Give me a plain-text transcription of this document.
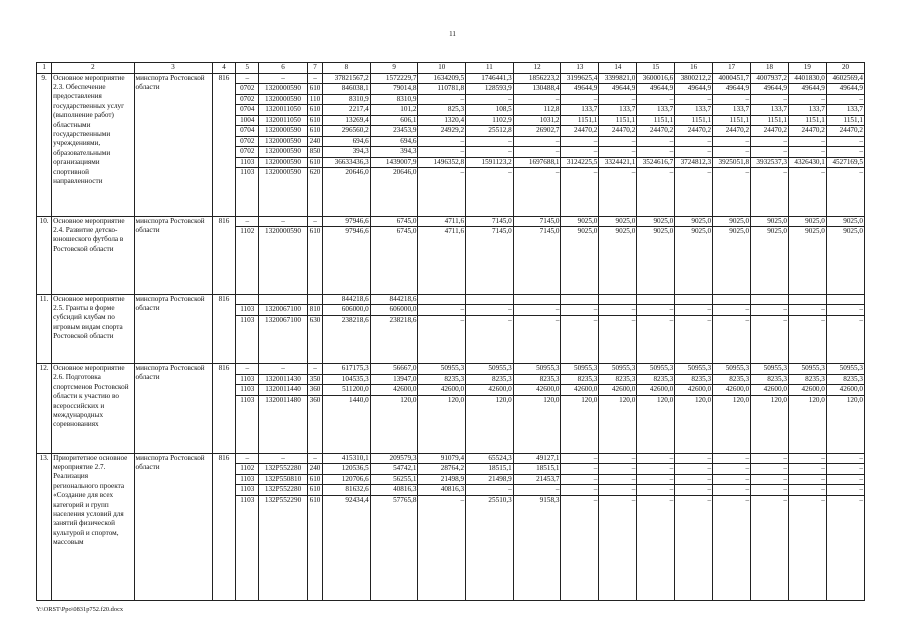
11
1	2	3	4	5	6	7	8	9	10	11	12	13	14	15	16	17	18	19	20
9.	Основное мероприятие 2.3. Обеспечение предоставления государственных услуг (выполнение работ) областными государственными учреждениями, образовательными организациями спортивной направленности	минспорта Ростовской области	816	–	–	–	37821567,2	1572229,7	1634209,5	1746441,3	1856223,2	3199625,4	3399821,0	3600016,6	3800212,2	4000451,7	4007937,2	4401830,0	4602569,4
				0702	1320000590	610	846038,1	79014,8	110781,8	128593,9	130488,4	49644,9	49644,9	49644,9	49644,9	49644,9	49644,9	49644,9	49644,9
				0702	1320000590	110	8310,9	8310,9	–	–	–	–	–	–	–	–	–	–	–
				0704	1320011050	610	2217,4	101,2	825,3	108,5	112,8	133,7	133,7	133,7	133,7	133,7	133,7	133,7	133,7
				1004	1320011050	610	13269,4	606,1	1320,4	1102,9	1031,2	1151,1	1151,1	1151,1	1151,1	1151,1	1151,1	1151,1	1151,1
				0704	1320000590	610	296560,2	23453,9	24929,2	25512,8	26902,7	24470,2	24470,2	24470,2	24470,2	24470,2	24470,2	24470,2	24470,2
				0702	1320000590	240	694,6	694,6	–	–	–	–	–	–	–	–	–	–	–
				0702	1320000590	850	394,3	394,3	–	–	–	–	–	–	–	–	–	–	–
				1103	1320000590	610	36633436,3	1439007,9	1496352,8	1591123,2	1697688,1	3124225,5	3324421,1	3524616,7	3724812,3	3925051,8	3932537,3	4326430,1	4527169,5
				1103	1320000590	620	20646,0	20646,0	–	–	–	–	–	–	–	–	–	–	–
10.	Основное мероприятие 2.4. Развитие детско-юношеского футбола в Ростовской области	минспорта Ростовской области	816	–	–	–	97946,6	6745,0	4711,6	7145,0	7145,0	9025,0	9025,0	9025,0	9025,0	9025,0	9025,0	9025,0	9025,0
				1102	1320000590	610	97946,6	6745,0	4711,6	7145,0	7145,0	9025,0	9025,0	9025,0	9025,0	9025,0	9025,0	9025,0	9025,0
11.	Основное мероприятие 2.5. Гранты в форме субсидий клубам по игровым видам спорта Ростовской области	минспорта Ростовской области	816				844218,6	844218,6											
				1103	1320067100	810	606000,0	606000,0	–	–	–	–	–	–	–	–	–	–	–
				1103	1320067100	630	238218,6	238218,6	–	–	–	–	–	–	–	–	–	–	–
12.	Основное мероприятие 2.6. Подготовка спортсменов Ростовской области к участию во всероссийских и международных соревнованиях	минспорта Ростовской области	816	–	–	–	617175,3	56667,0	50955,3	50955,3	50955,3	50955,3	50955,3	50955,3	50955,3	50955,3	50955,3	50955,3	50955,3
				1103	1320011430	350	104535,3	13947,0	8235,3	8235,3	8235,3	8235,3	8235,3	8235,3	8235,3	8235,3	8235,3	8235,3	8235,3
				1103	1320011440	360	511200,0	42600,0	42600,0	42600,0	42600,0	42600,0	42600,0	42600,0	42600,0	42600,0	42600,0	42600,0	42600,0
				1103	1320011480	360	1440,0	120,0	120,0	120,0	120,0	120,0	120,0	120,0	120,0	120,0	120,0	120,0	120,0
13.	Приоритетное основное мероприятие 2.7. Реализация регионального проекта «Создание для всех категорий и групп населения условий для занятий физической культурой и спортом, массовым	минспорта Ростовской области	816	–	–	–	415310,1	209579,3	91079,4	65524,3	49127,1	–	–	–	–	–	–	–	–
				1102	132P552280	240	120536,5	54742,1	28764,2	18515,1	18515,1	–	–	–	–	–	–	–	–
				1103	132P550810	610	120706,6	56255,1	21498,9	21498,9	21453,7	–	–	–	–	–	–	–	–
				1103	132P552280	610	81632,6	40816,3	40816,3	–	–	–	–	–	–	–	–	–	–
				1103	132P552290	610	92434,4	57765,8	–	25510,3	9158,3	–	–	–	–	–	–	–	–
Y:\ORST\Ppo\0831p752.f20.docx
